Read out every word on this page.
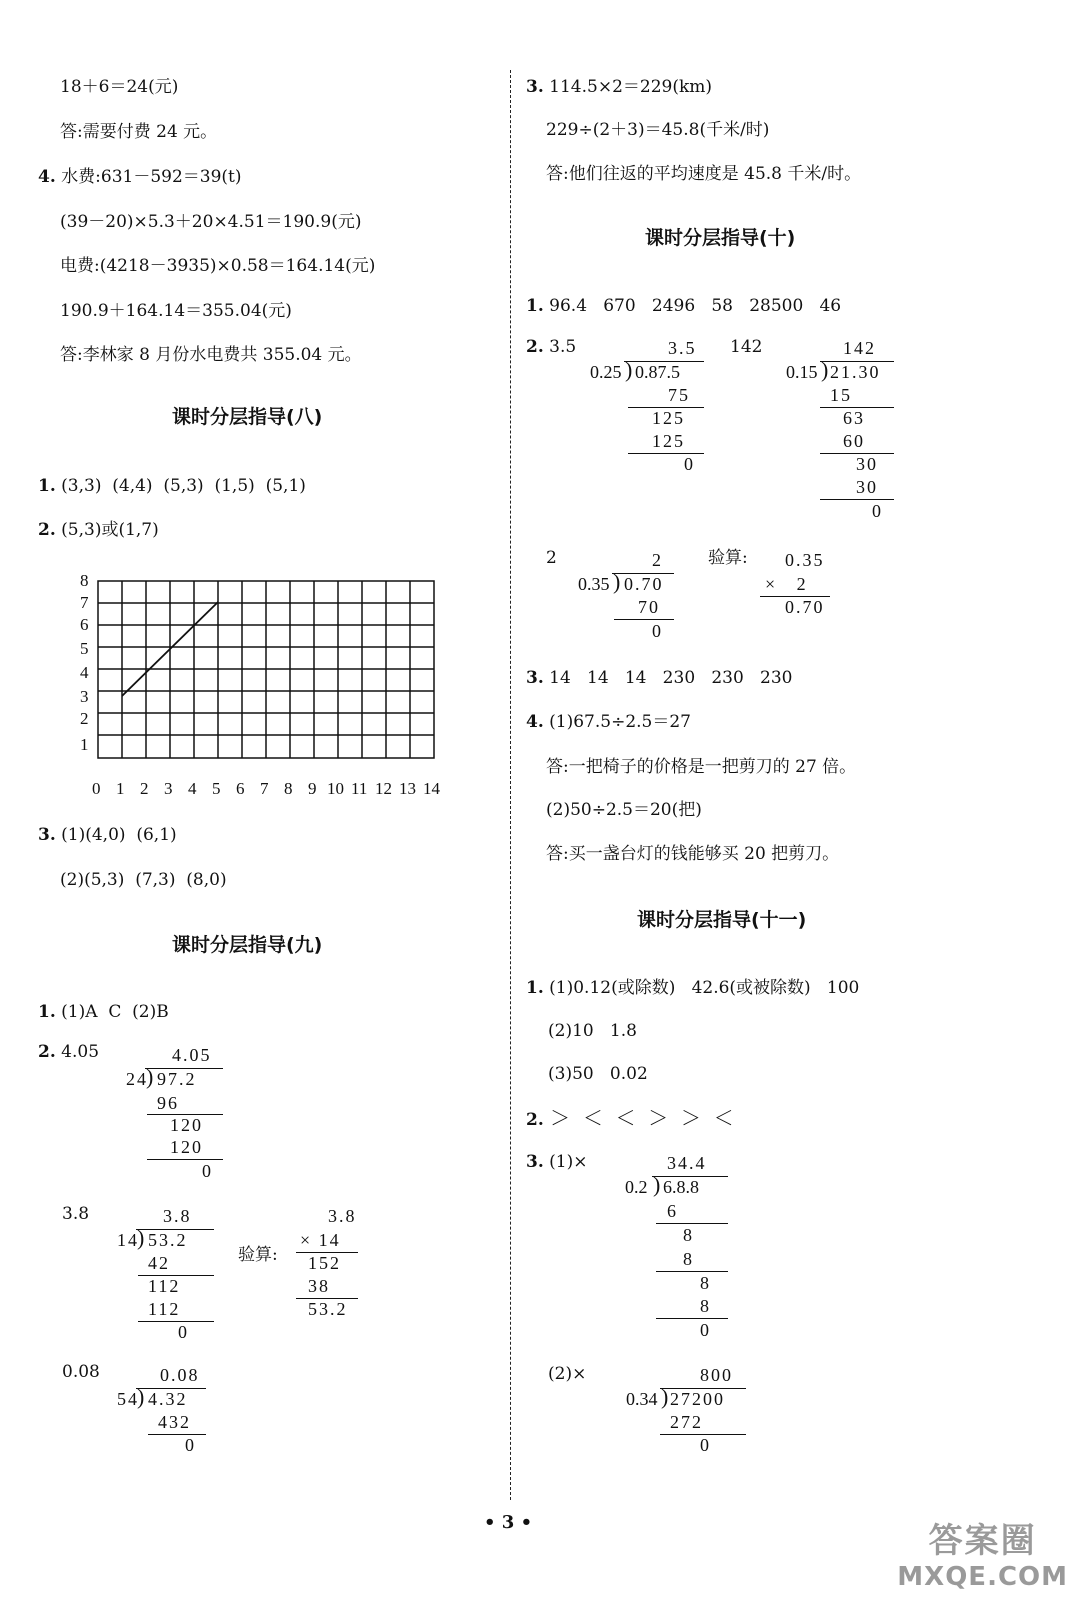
18＋6＝24(元)
答:需要付费 24 元。
4. 水费:631－592＝39(t)
(39－20)×5.3＋20×4.51＝190.9(元)
电费:(4218－3935)×0.58＝164.14(元)
190.9＋164.14＝355.04(元)
答:李林家 8 月份水电费共 355.04 元。
课时分层指导(八)
1. (3,3)  (4,4)  (5,3)  (1,5)  (5,1)
2. (5,3)或(1,7)
8
7
6
5
4
3
2
1
0 1 2 3 4 5 6 7 8 9 10 11 12 13 14
3. (1)(4,0)  (6,1)
(2)(5,3)  (7,3)  (8,0)
课时分层指导(九)
1. (1)A  C  (2)B
2. 4.05	4.05
24
) 97.2
96
120
120
0
3.8	3.8
14
) 53.2
42
112
112
0
验算:
3.8
× 14
152
38
53.2
0.08	0.08
54
) 4.32
432
0
3. 114.5×2＝229(km)
229÷(2＋3)＝45.8(千米/时)
答:他们往返的平均速度是 45.8 千米/时。
课时分层指导(十)
1. 96.4   670   2496   58   28500   46
2. 3.5	3.5
0.25 ) 0.87.5
75
125
125
0
142	142
0.15 ) 21.30
15
63
60
30
30
0
2	2
0.35 ) 0.70
70
0
验算: 0.35
×   2
0.70
3. 14   14   14   230   230   230
4. (1)67.5÷2.5＝27
答:一把椅子的价格是一把剪刀的 27 倍。
(2)50÷2.5＝20(把)
答:买一盏台灯的钱能够买 20 把剪刀。
课时分层指导(十一)
1. (1)0.12(或除数)   42.6(或被除数)   100
(2)10   1.8
(3)50   0.02
2. ＞  ＜  ＜  ＞  ＞  ＜
3. (1)×	34.4
0.2 ) 6.8.8
6
8
8
8
8
0
(2)×	800
0.34 ) 27200
272
0
• 3 •	答案圈
MXQE.COM
